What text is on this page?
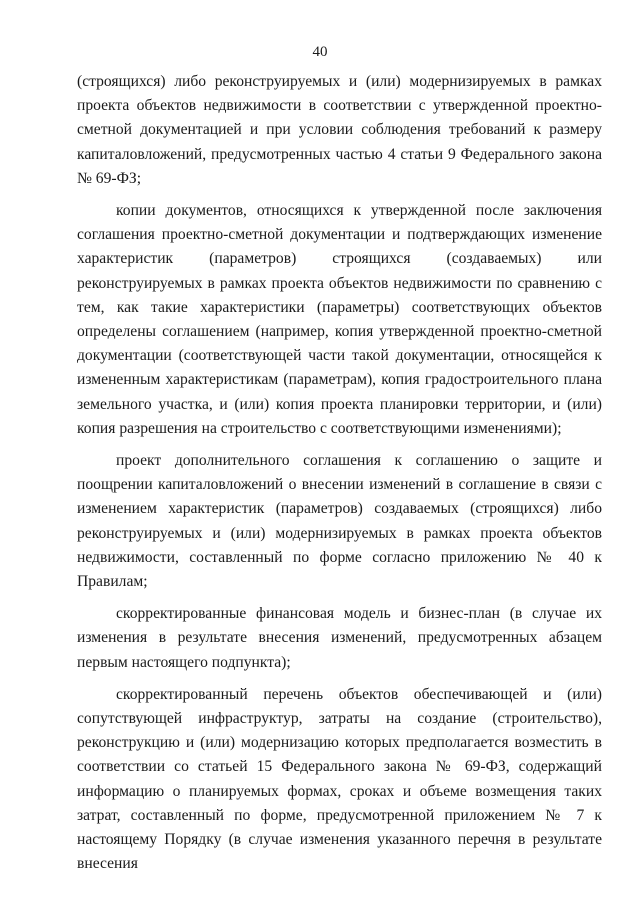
40

(строящихся) либо реконструируемых и (или) модернизируемых в рамках проекта объектов недвижимости в соответствии с утвержденной проектно-сметной документацией и при условии соблюдения требований к размеру капиталовложений, предусмотренных частью 4 статьи 9 Федерального закона № 69-ФЗ;

копии документов, относящихся к утвержденной после заключения соглашения проектно-сметной документации и подтверждающих изменение характеристик (параметров) строящихся (создаваемых) или реконструируемых в рамках проекта объектов недвижимости по сравнению с тем, как такие характеристики (параметры) соответствующих объектов определены соглашением (например, копия утвержденной проектно-сметной документации (соответствующей части такой документации, относящейся к измененным характеристикам (параметрам), копия градостроительного плана земельного участка, и (или) копия проекта планировки территории, и (или) копия разрешения на строительство с соответствующими изменениями);

проект дополнительного соглашения к соглашению о защите и поощрении капиталовложений о внесении изменений в соглашение в связи с изменением характеристик (параметров) создаваемых (строящихся) либо реконструируемых и (или) модернизируемых в рамках проекта объектов недвижимости, составленный по форме согласно приложению № 40 к Правилам;

скорректированные финансовая модель и бизнес-план (в случае их изменения в результате внесения изменений, предусмотренных абзацем первым настоящего подпункта);

скорректированный перечень объектов обеспечивающей и (или) сопутствующей инфраструктур, затраты на создание (строительство), реконструкцию и (или) модернизацию которых предполагается возместить в соответствии со статьей 15 Федерального закона № 69-ФЗ, содержащий информацию о планируемых формах, сроках и объеме возмещения таких затрат, составленный по форме, предусмотренной приложением № 7 к настоящему Порядку (в случае изменения указанного перечня в результате внесения
